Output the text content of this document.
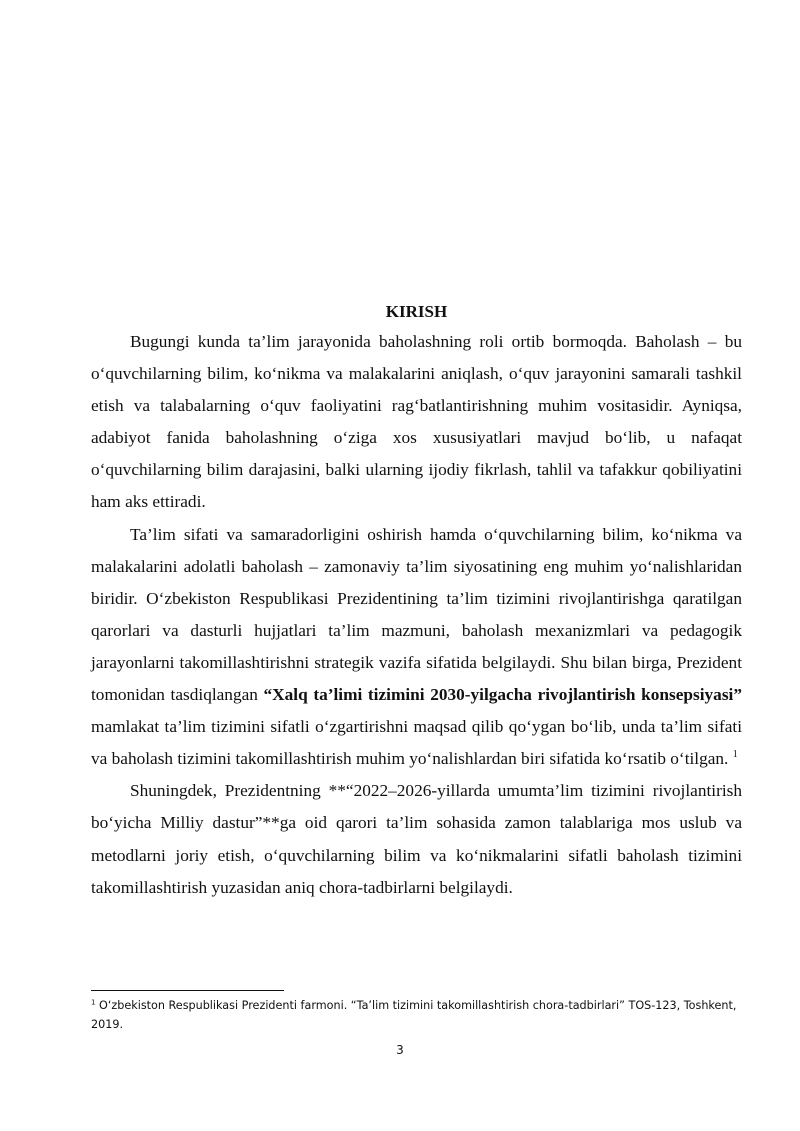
KIRISH

Bugungi kunda ta’lim jarayonida baholashning roli ortib bormoqda. Baholash – bu o‘quvchilarning bilim, ko‘nikma va malakalarini aniqlash, o‘quv jarayonini samarali tashkil etish va talabalarning o‘quv faoliyatini rag‘batlantirishning muhim vositasidir. Ayniqsa, adabiyot fanida baholashning o‘ziga xos xususiyatlari mavjud bo‘lib, u nafaqat o‘quvchilarning bilim darajasini, balki ularning ijodiy fikrlash, tahlil va tafakkur qobiliyatini ham aks ettiradi.

Ta’lim sifati va samaradorligini oshirish hamda o‘quvchilarning bilim, ko‘nikma va malakalarini adolatli baholash – zamonaviy ta’lim siyosatining eng muhim yo‘nalishlaridan biridir. O‘zbekiston Respublikasi Prezidentining ta’lim tizimini rivojlantirishga qaratilgan qarorlari va dasturli hujjatlari ta’lim mazmuni, baholash mexanizmlari va pedagogik jarayonlarni takomillashtirishni strategik vazifa sifatida belgilaydi. Shu bilan birga, Prezident tomonidan tasdiqlangan “Xalq ta’limi tizimini 2030-yilgacha rivojlantirish konsepsiyasi” mamlakat ta’lim tizimini sifatli o‘zgartirishni maqsad qilib qo‘ygan bo‘lib, unda ta’lim sifati va baholash tizimini takomillashtirish muhim yo‘nalishlardan biri sifatida ko‘rsatib o‘tilgan. $^1$

Shuningdek, Prezidentning **“2022–2026-yillarda umumta’lim tizimini rivojlantirish bo‘yicha Milliy dastur”**ga oid qarori ta’lim sohasida zamon talablariga mos uslub va metodlarni joriy etish, o‘quvchilarning bilim va ko‘nikmalarini sifatli baholash tizimini takomillashtirish yuzasidan aniq chora-tadbirlarni belgilaydi.

$^1$ O‘zbekiston Respublikasi Prezidenti farmoni. “Ta’lim tizimini takomillashtirish chora-tadbirlari” TOS-123, Toshkent, 2019.
3
